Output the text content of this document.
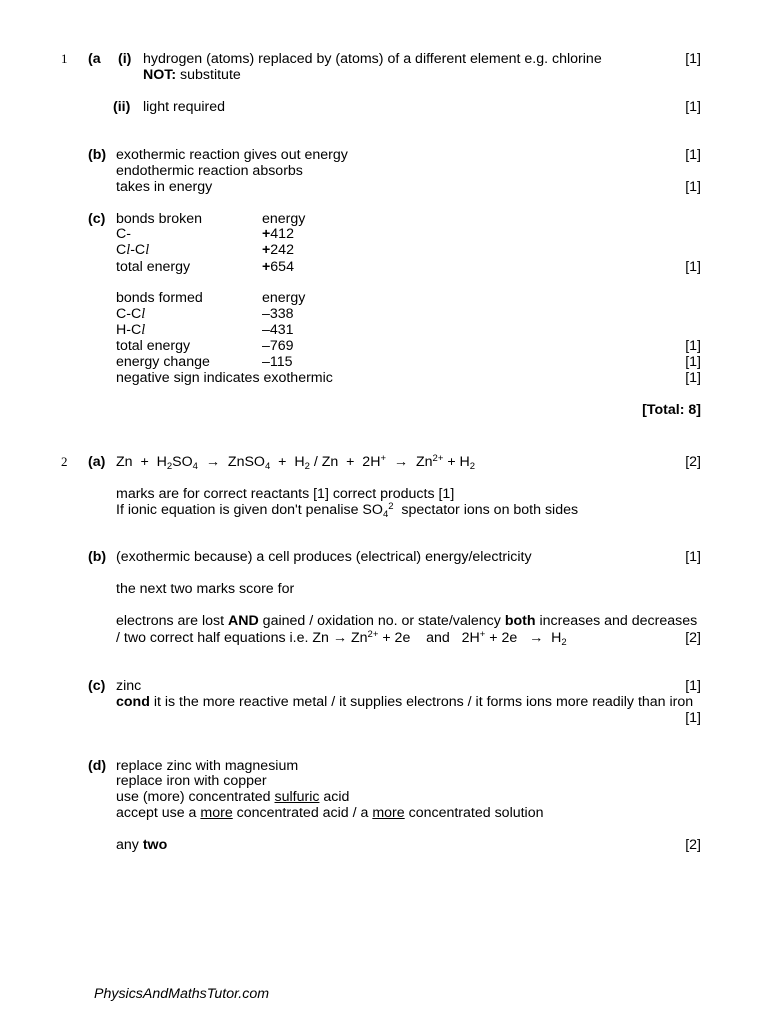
1 (a (i) hydrogen (atoms) replaced by (atoms) of a different element e.g. chlorine	[1]
NOT: substitute
(ii) light required	[1]
(b) exothermic reaction gives out energy	[1]
endothermic reaction absorbs
takes in energy	[1]
(c) bonds broken	energy
C-	+ 412
C l -C l	+ 242
total energy	+ 654	[1]
bonds formed	energy
C-C l	–338
H-C l	–431
total energy	–769	[1]
energy change	–115	[1]
negative sign indicates exothermic	[1]
[Total: 8]
2 (a) Zn  +  H 2 SO 4 →  ZnSO 4 +  H 2 / Zn  +  2H + →  Zn 2+ + H 2	[2]
marks are for correct reactants [1] correct products [1]
If ionic equation is given don't penalise SO 4
2 spectator ions on both sides
(b) (exothermic because) a cell produces (electrical) energy/electricity	[1]
the next two marks score for
electrons are lost AND gained / oxidation no. or state/valency both increases and decreases
/ two correct half equations i.e. Zn → Zn 2+ + 2e    and   2H + + 2e   →  H 2	[2]
(c) zinc	[1]
cond it is the more reactive metal / it supplies electrons / it forms ions more readily than iron
[1]
(d) replace zinc with magnesium
replace iron with copper
use (more) concentrated sulfuric acid
accept use a more concentrated acid / a more concentrated solution
any two	[2]
PhysicsAndMathsTutor.com
